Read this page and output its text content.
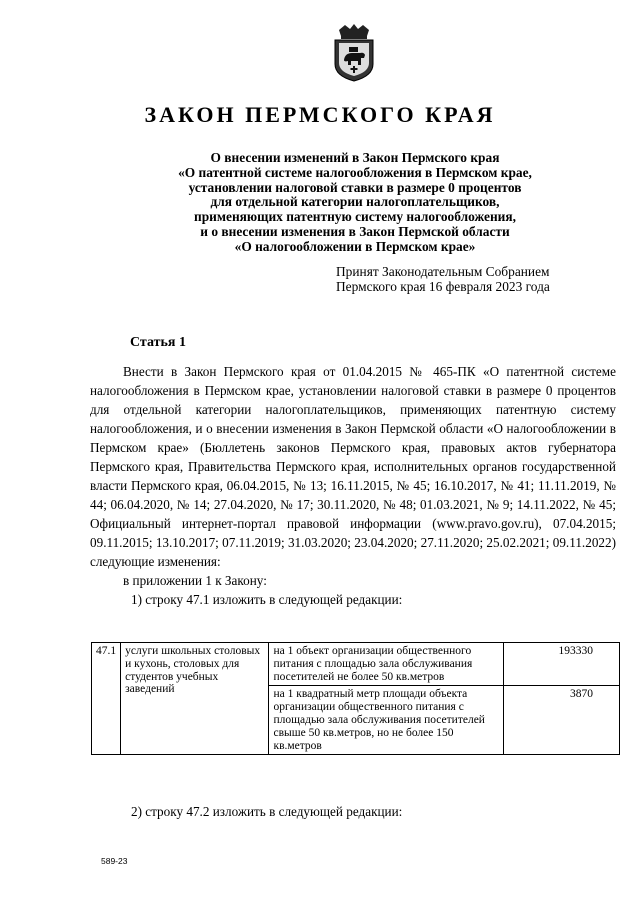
ЗАКОН ПЕРМСКОГО КРАЯ
О внесении изменений в Закон Пермского края
«О патентной системе налогообложения в Пермском крае,
установлении налоговой ставки в размере 0 процентов
для отдельной категории налогоплательщиков,
применяющих патентную систему налогообложения,
и о внесении изменения в Закон Пермской области
«О налогообложении в Пермском крае»
Принят Законодательным Собранием
Пермского края 16 февраля 2023 года
Статья 1
Внести в Закон Пермского края от 01.04.2015 № 465-ПК «О патентной системе налогообложения в Пермском крае, установлении налоговой ставки в размере 0 процентов для отдельной категории налогоплательщиков, применяющих патентную систему налогообложения, и о внесении изменения в Закон Пермской области «О налогообложении в Пермском крае» (Бюллетень законов Пермского края, правовых актов губернатора Пермского края, Правительства Пермского края, исполнительных органов государственной власти Пермского края, 06.04.2015, № 13; 16.11.2015, № 45; 16.10.2017, № 41; 11.11.2019, № 44; 06.04.2020, № 14; 27.04.2020, № 17; 30.11.2020, № 48; 01.03.2021, № 9; 14.11.2022, № 45; Официальный интернет-портал правовой информации (www.pravo.gov.ru), 07.04.2015; 09.11.2015; 13.10.2017; 07.11.2019; 31.03.2020; 23.04.2020; 27.11.2020; 25.02.2021; 09.11.2022) следующие изменения:
в приложении 1 к Закону:
1) строку 47.1 изложить в следующей редакции:
47.1	услуги школьных столовых и кухонь, столовых для студентов учебных заведений	на 1 объект организации общественного питания с площадью зала обслуживания посетителей не более 50 кв.метров	193330
		на 1 квадратный метр площади объекта организации общественного питания с площадью зала обслуживания посетителей свыше 50 кв.метров, но не более 150 кв.метров	3870
2) строку 47.2 изложить в следующей редакции:
589-23
